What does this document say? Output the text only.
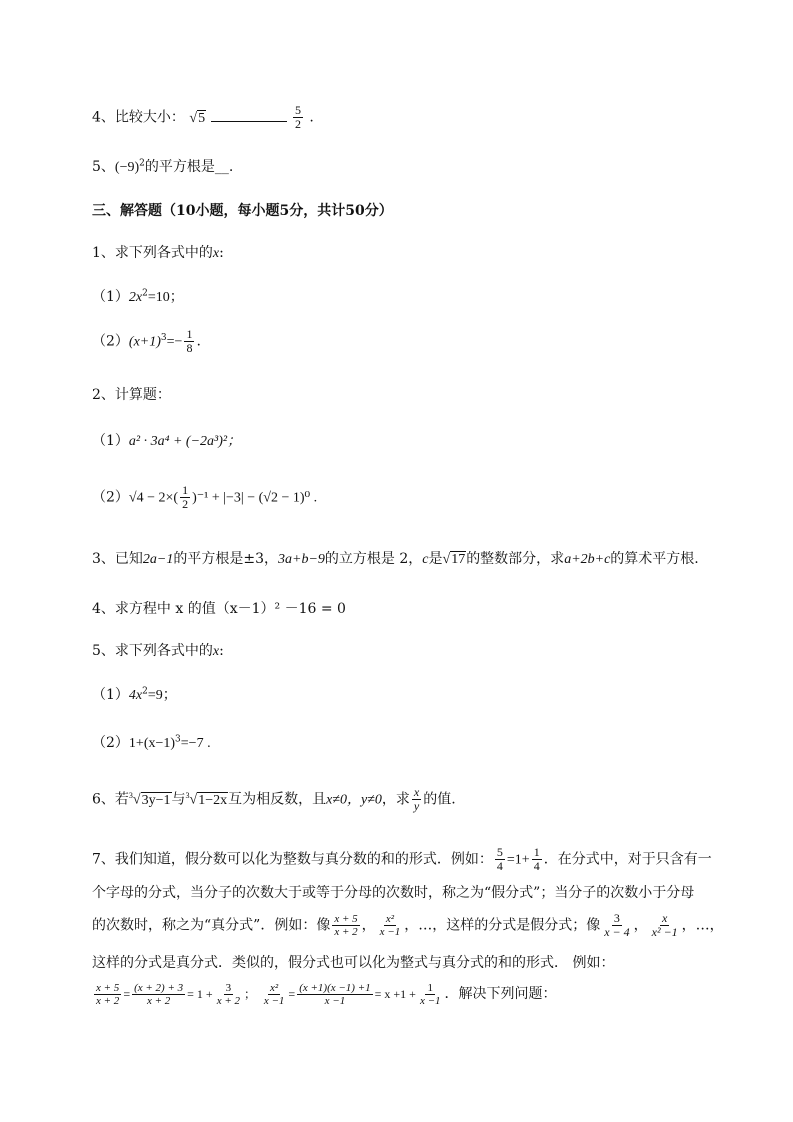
4、比较大小： √5	$\frac{5}{2}$ .
5、$(-9)^2$的平方根是__.
三、解答题（10小题，每小题5分，共计50分）
1、求下列各式中的x:
$(1)2x^2=10$；
$(2)(x+1)^3=- \frac{1}{8}$ .
2、计算题：
（1）a² · 3a⁴ + (−2a³)²；
$(2)√4 - 2\times( \frac{1}{2} )^{-1} + |-3| - (√2 - 1)^0$ .
3、已知2a−1的平方根是±3，3a+b−9的立方根是 2，c是√17的整数部分，求a+2b+c的算术平方根.
4、求方程中 x 的值（x－1）² －16 = 0
5、求下列各式中的x:
$(1)4x^2=9$；
$(2)1+(x-1)^3=-7$ .
6、若$^3$√3y−1与$^3$√1−2x互为相反数，且x≠0，y≠0，求 $\frac{x}{y}$ 的值.
7、我们知道，假分数可以化为整数与真分数的和的形式．例如： $\frac{5}{4} =1+ \frac{1}{4}$ ．在分式中，对于只含有一
个字母的分式，当分子的次数大于或等于分母的次数时，称之为“假分式”；当分子的次数小于分母
的次数时，称之为“真分式”．例如：像 $\frac{x + 5}{x + 2}$ ， $\frac{\text{x²}}{x -1}$ ，…，这样的分式是假分式；像 $\frac{3}{x - 4}$ ， $\frac{x}{\text{x² −1}}$ ，…，
这样的分式是真分式．类似的，假分式也可以化为整式与真分式的和的形式． 例如：
$\frac{x + 5}{x + 2} = \frac{(x + 2) + 3}{x + 2} = 1 + \frac{3}{x + 2}$ ； $\frac{\text{x²}}{x -1} = \frac{(x +1)(x -1) +1}{x -1} = x +1 + \frac{1}{x -1}$ ．解决下列问题：
